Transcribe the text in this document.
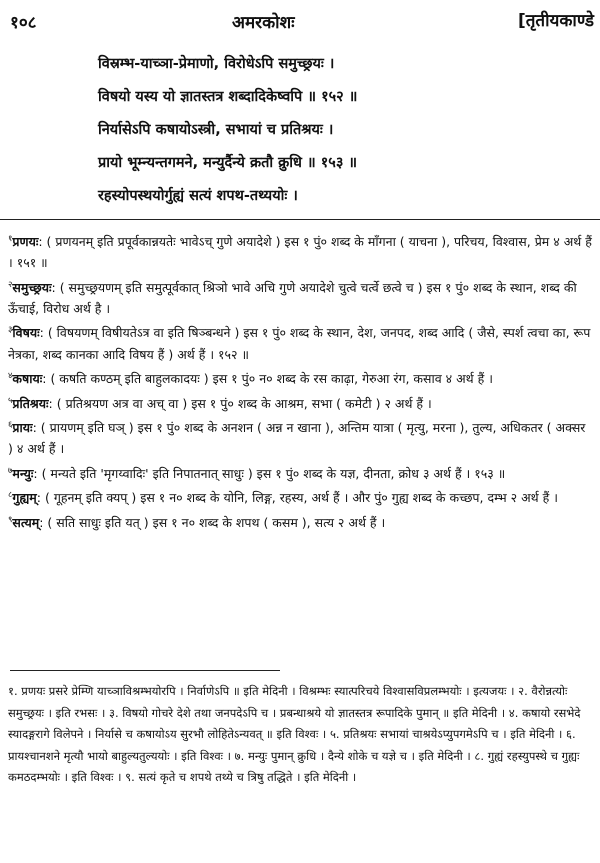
१०८	अमरकोशः	[तृतीयकाण्डे
विस्रम्भ-याच्ञा-प्रेमाणो, विरोधेऽपि समुच्छ्रयः ।
विषयो यस्य यो ज्ञातस्तत्र शब्दादिकेष्वपि ॥ १५२ ॥
निर्यासेऽपि कषायोऽस्त्री, सभायां च प्रतिश्रयः ।
प्रायो भूम्न्यन्तगमने, मन्युर्दैन्ये क्रतौ क्रुधि ॥ १५३ ॥
रहस्योपस्थयोर्गुह्यं सत्यं शपथ-तथ्ययोः ।
$^१$प्रणयः: ( प्रणयनम् इति प्रपूर्वकान्नयतेः भावेऽच् गुणे अयादेशे ) इस १ पुं० शब्द के माँगना ( याचना ), परिचय, विश्वास, प्रेम ४ अर्थ हैं । १५१ ॥
$^२$समुच्छ्रयः: ( समुच्छ्रयणम् इति समुत्पूर्वकात् श्रिञो भावे अचि गुणे अयादेशे चुत्वे चर्त्वे छत्वे च ) इस १ पुं० शब्द के स्थान, शब्द की ऊँचाई, विरोध अर्थ है ।
$^३$विषयः: ( विषयणम् विषीयतेऽत्र वा इति षिञ्बन्धने ) इस १ पुं० शब्द के स्थान, देश, जनपद, शब्द आदि ( जैसे, स्पर्श त्वचा का, रूप नेत्रका, शब्द कानका आदि विषय हैं ) अर्थ हैं । १५२ ॥
$^४$कषायः: ( कषति कण्ठम् इति बाहुलकादयः ) इस १ पुं० न० शब्द के रस काढ़ा, गेरुआ रंग, कसाव ४ अर्थ हैं ।
$^५$प्रतिश्रयः: ( प्रतिश्रयण अत्र वा अच् वा ) इस १ पुं० शब्द के आश्रम, सभा ( कमेटी ) २ अर्थ हैं ।
$^६$प्रायः: ( प्रायणम् इति घञ् ) इस १ पुं० शब्द के अनशन ( अन्न न खाना ), अन्तिम यात्रा ( मृत्यु, मरना ), तुल्य, अधिकतर ( अक्सर ) ४ अर्थ हैं ।
$^७$मन्युः: ( मन्यते इति 'मृगय्वादिः' इति निपातनात् साधुः ) इस १ पुं० शब्द के यज्ञ, दीनता, क्रोध ३ अर्थ हैं । १५३ ॥
$^८$गुह्यम्: ( गूहनम् इति क्यप् ) इस १ न० शब्द के योनि, लिङ्ग, रहस्य, अर्थ हैं । और पुं० गुह्य शब्द के कच्छप, दम्भ २ अर्थ हैं ।
$^९$सत्यम्: ( सति साधुः इति यत् ) इस १ न० शब्द के शपथ ( कसम ), सत्य २ अर्थ हैं ।
१. प्रणयः प्रसरे प्रेम्णि याच्ञाविश्रम्भयोरपि । निर्वाणेऽपि ॥ इति मेदिनी । विश्रम्भः स्यात्परिचये विश्वासविप्रलम्भयोः । इत्यजयः । २. वैरोन्नत्योः समुच्छ्रयः । इति रभसः । ३. विषयो गोचरे देशे तथा जनपदेऽपि च । प्रबन्धाश्रये यो ज्ञातस्तत्र रूपादिके पुमान् ॥ इति मेदिनी । ४. कषायो रसभेदे स्यादङ्गरागे विलेपने । निर्यासे च कषायोऽय सुरभौ लोहितेऽन्यवत् ॥ इति विश्वः । ५. प्रतिश्रयः सभायां चाश्रयेऽप्युपगमेऽपि च । इति मेदिनी । ६. प्रायश्चानशने मृत्यौ भायो बाहुल्यतुल्ययोः । इति विश्वः । ७. मन्युः पुमान् क्रुधि । दैन्ये शोके च यज्ञे च । इति मेदिनी । ८. गुह्यं रहस्युपस्थे च गुह्यः कमठदम्भयोः । इति विश्वः । ९. सत्यं कृते च शपथे तथ्ये च त्रिषु तद्धिते । इति मेदिनी ।
